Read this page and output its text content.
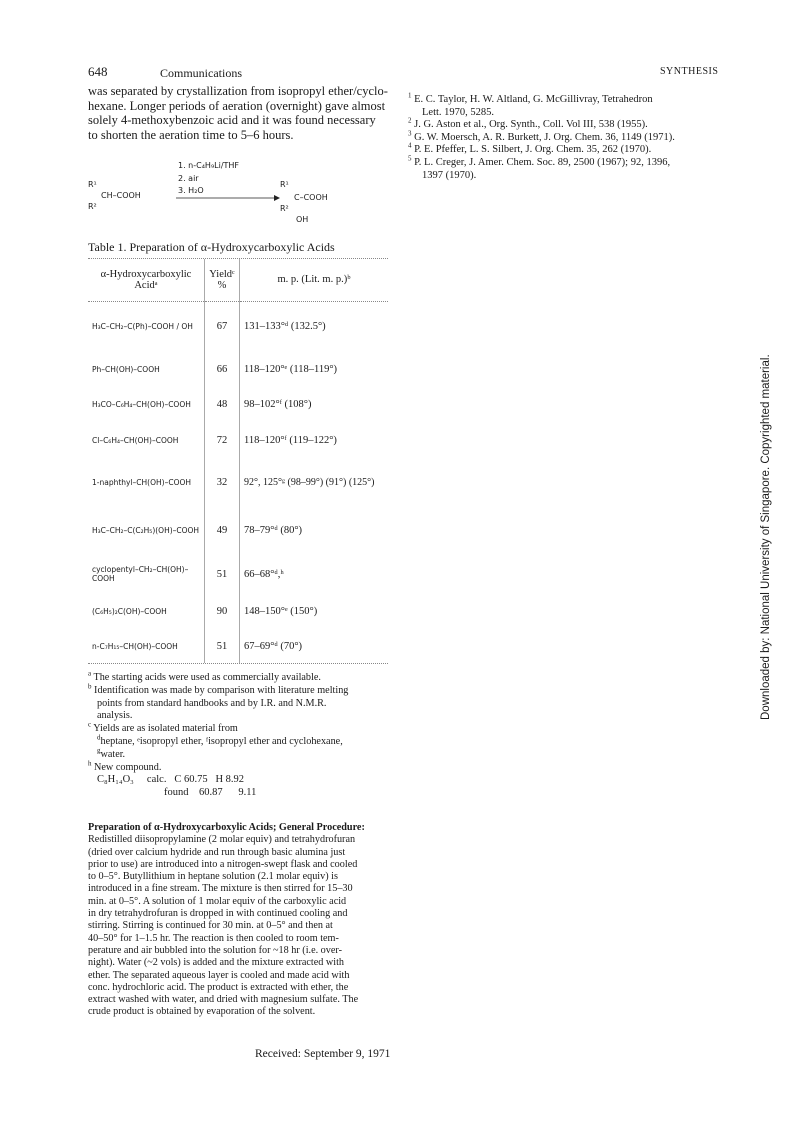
648	Communications	SYNTHESIS
was separated by crystallization from isopropyl ether/cyclo-
hexane. Longer periods of aeration (overnight) gave almost
solely 4-methoxybenzoic acid and it was found necessary
to shorten the aeration time to 5–6 hours.
1. n-C₄H₉Li/THF
2. air
3. H₂O
R¹
CH–COOH
R²
R¹
C–COOH
R²
OH
Table 1. Preparation of α-Hydroxycarboxylic Acids
α-Hydroxycarboxylic Acidᵃ	Yieldᶜ %	m. p. (Lit. m. p.)ᵇ
H₃C–CH₂–C(Ph)–COOH / OH	67	131–133°ᵈ (132.5°)
Ph–CH(OH)–COOH	66	118–120°ᵉ (118–119°)
H₃CO–C₆H₄–CH(OH)–COOH	48	98–102°ᶠ (108°)
Cl–C₆H₄–CH(OH)–COOH	72	118–120°ᶠ (119–122°)
1-naphthyl–CH(OH)–COOH	32	92°, 125°ᵍ (98–99°) (91°) (125°)
H₃C–CH₂–C(C₂H₅)(OH)–COOH	49	78–79°ᵈ (80°)
cyclopentyl–CH₂–CH(OH)–COOH	51	66–68°ᵈ,ʰ
(C₆H₅)₂C(OH)–COOH	90	148–150°ᵉ (150°)
n-C₇H₁₅–CH(OH)–COOH	51	67–69°ᵈ (70°)
$^a$ The starting acids were used as commercially available.
$^b$ Identification was made by comparison with literature melting
points from standard handbooks and by I.R. and N.M.R.
analysis.
$^c$ Yields are as isolated material from
$^d$heptane, ᵉisopropyl ether, ᶠisopropyl ether and cyclohexane,
$^g$water.
$^h$ New compound.
C₈H₁₄O₃     calc.   C 60.75   H 8.92
found    60.87      9.11
Preparation of α-Hydroxycarboxylic Acids; General Procedure:
Redistilled diisopropylamine (2 molar equiv) and tetrahydrofuran
(dried over calcium hydride and run through basic alumina just
prior to use) are introduced into a nitrogen-swept flask and cooled
to 0–5°. Butyllithium in heptane solution (2.1 molar equiv) is
introduced in a fine stream. The mixture is then stirred for 15–30
min. at 0–5°. A solution of 1 molar equiv of the carboxylic acid
in dry tetrahydrofuran is dropped in with continued cooling and
stirring. Stirring is continued for 30 min. at 0–5° and then at
40–50° for 1–1.5 hr. The reaction is then cooled to room tem-
perature and air bubbled into the solution for ~18 hr (i.e. over-
night). Water (~2 vols) is added and the mixture extracted with
ether. The separated aqueous layer is cooled and made acid with
conc. hydrochloric acid. The product is extracted with ether, the
extract washed with water, and dried with magnesium sulfate. The
crude product is obtained by evaporation of the solvent.
Received: September 9, 1971
$^1$ E. C. Taylor, H. W. Altland, G. McGillivray, Tetrahedron
Lett. 1970, 5285.
$^2$ J. G. Aston et al., Org. Synth., Coll. Vol III, 538 (1955).
$^3$ G. W. Moersch, A. R. Burkett, J. Org. Chem. 36, 1149 (1971).
$^4$ P. E. Pfeffer, L. S. Silbert, J. Org. Chem. 35, 262 (1970).
$^5$ P. L. Creger, J. Amer. Chem. Soc. 89, 2500 (1967); 92, 1396,
1397 (1970).
Downloaded by: National University of Singapore. Copyrighted material.
